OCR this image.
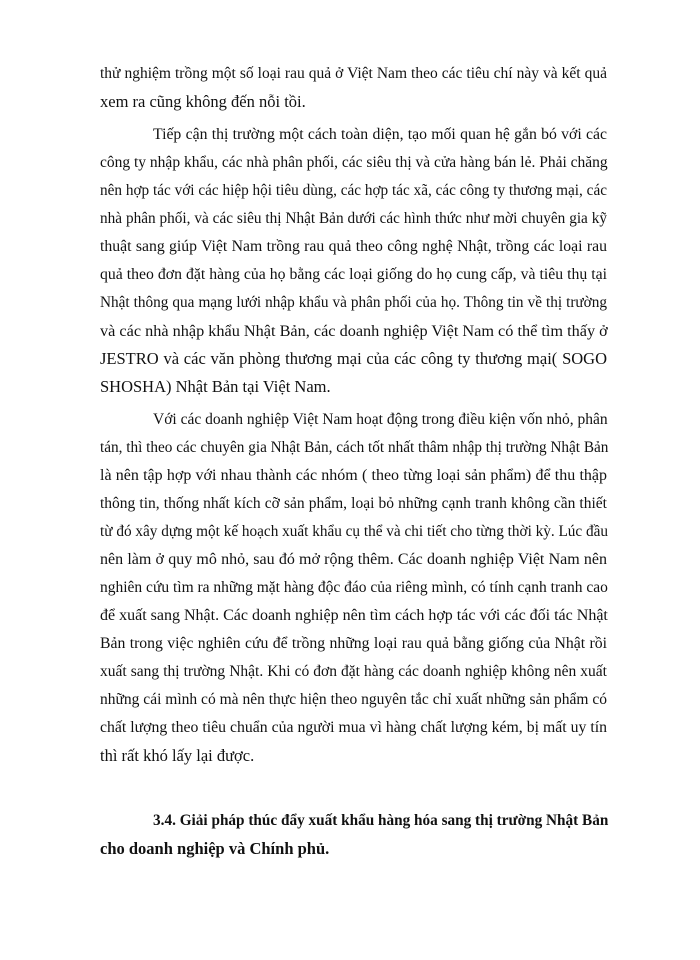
thử nghiệm trồng một số loại rau quả ở Việt Nam theo các tiêu chí này và kết quả
xem ra cũng không đến nỗi tồi.
Tiếp cận thị trường một cách toàn diện, tạo mối quan hệ gắn bó với các
công ty nhập khẩu, các nhà phân phối, các siêu thị và cửa hàng bán lẻ. Phải chăng
nên hợp tác với các hiệp hội tiêu dùng, các hợp tác xã, các công ty thương mại, các
nhà phân phối, và các siêu thị Nhật Bản dưới các hình thức như mời chuyên gia kỹ
thuật sang giúp Việt Nam trồng rau quả theo công nghệ Nhật, trồng các loại rau
quả theo đơn đặt hàng của họ bằng các loại giống do họ cung cấp, và tiêu thụ tại
Nhật thông qua mạng lưới nhập khẩu và phân phối của họ. Thông tin về thị trường
và các nhà nhập khẩu Nhật Bản, các doanh nghiệp Việt Nam có thể tìm thấy ở
JESTRO và các văn phòng thương mại của các công ty thương mại( SOGO
SHOSHA) Nhật Bản tại Việt Nam.
Với các doanh nghiệp Việt Nam hoạt động trong điều kiện vốn nhỏ, phân
tán, thì theo các chuyên gia Nhật Bản, cách tốt nhất thâm nhập thị trường Nhật Bản
là nên tập hợp với nhau thành các nhóm ( theo từng loại sản phẩm) để thu thập
thông tin, thống nhất kích cỡ sản phẩm, loại bỏ những cạnh tranh không cần thiết
từ đó xây dựng một kế hoạch xuất khẩu cụ thể và chi tiết cho từng thời kỳ. Lúc đầu
nên làm ở quy mô nhỏ, sau đó mở rộng thêm. Các doanh nghiệp Việt Nam nên
nghiên cứu tìm ra những mặt hàng độc đáo của riêng mình, có tính cạnh tranh cao
để xuất sang Nhật. Các doanh nghiệp nên tìm cách hợp tác với các đối tác Nhật
Bản trong việc nghiên cứu để trồng những loại rau quả bằng giống của Nhật rồi
xuất sang thị trường Nhật. Khi có đơn đặt hàng các doanh nghiệp không nên xuất
những cái mình có mà nên thực hiện theo nguyên tắc chỉ xuất những sản phẩm có
chất lượng theo tiêu chuẩn của người mua vì hàng chất lượng kém, bị mất uy tín
thì rất khó lấy lại được.
3.4. Giải pháp thúc đẩy xuất khẩu hàng hóa sang thị trường Nhật Bản
cho doanh nghiệp và Chính phủ.
